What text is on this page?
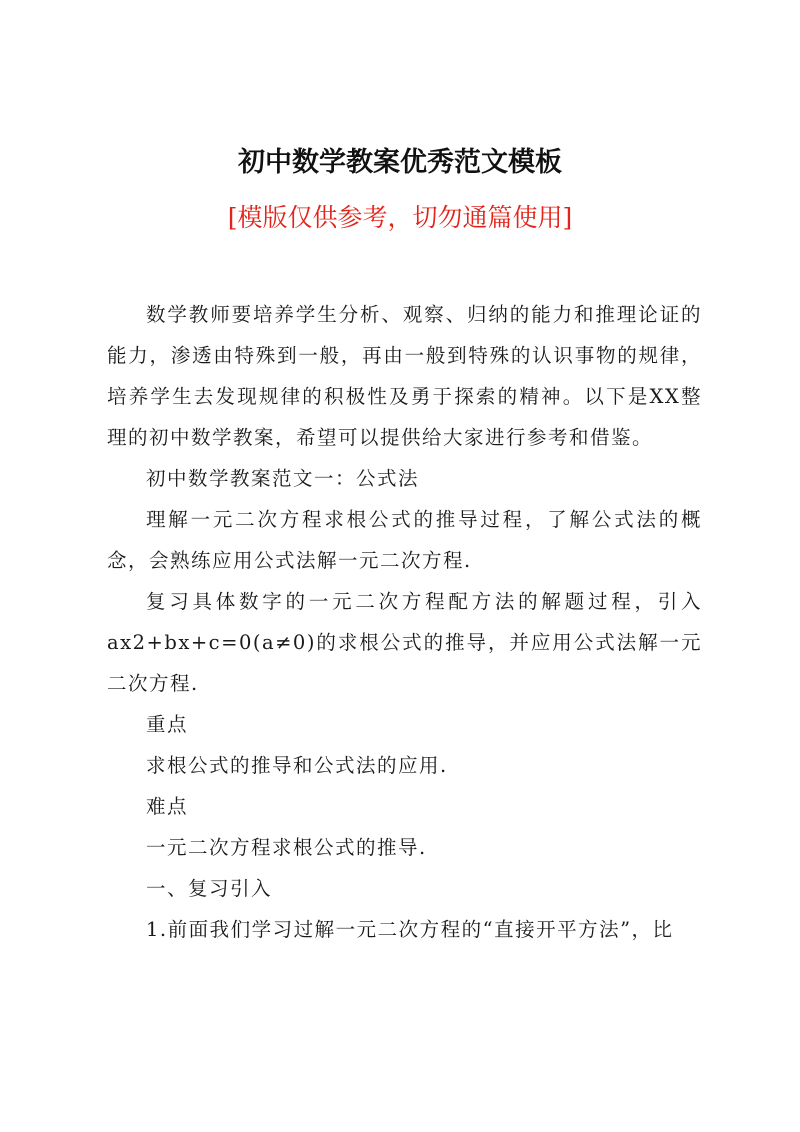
初中数学教案优秀范文模板
[模版仅供参考，切勿通篇使用]

数学教师要培养学生分析、观察、归纳的能力和推理论证的能力，渗透由特殊到一般，再由一般到特殊的认识事物的规律，培养学生去发现规律的积极性及勇于探索的精神。以下是XX整理的初中数学教案，希望可以提供给大家进行参考和借鉴。

初中数学教案范文一：公式法

理解一元二次方程求根公式的推导过程，了解公式法的概念，会熟练应用公式法解一元二次方程.

复习具体数字的一元二次方程配方法的解题过程，引入ax2+bx+c=0(a≠0)的求根公式的推导，并应用公式法解一元二次方程.

重点

求根公式的推导和公式法的应用.

难点

一元二次方程求根公式的推导.

一、复习引入

1.前面我们学习过解一元二次方程的“直接开平方法”，比
